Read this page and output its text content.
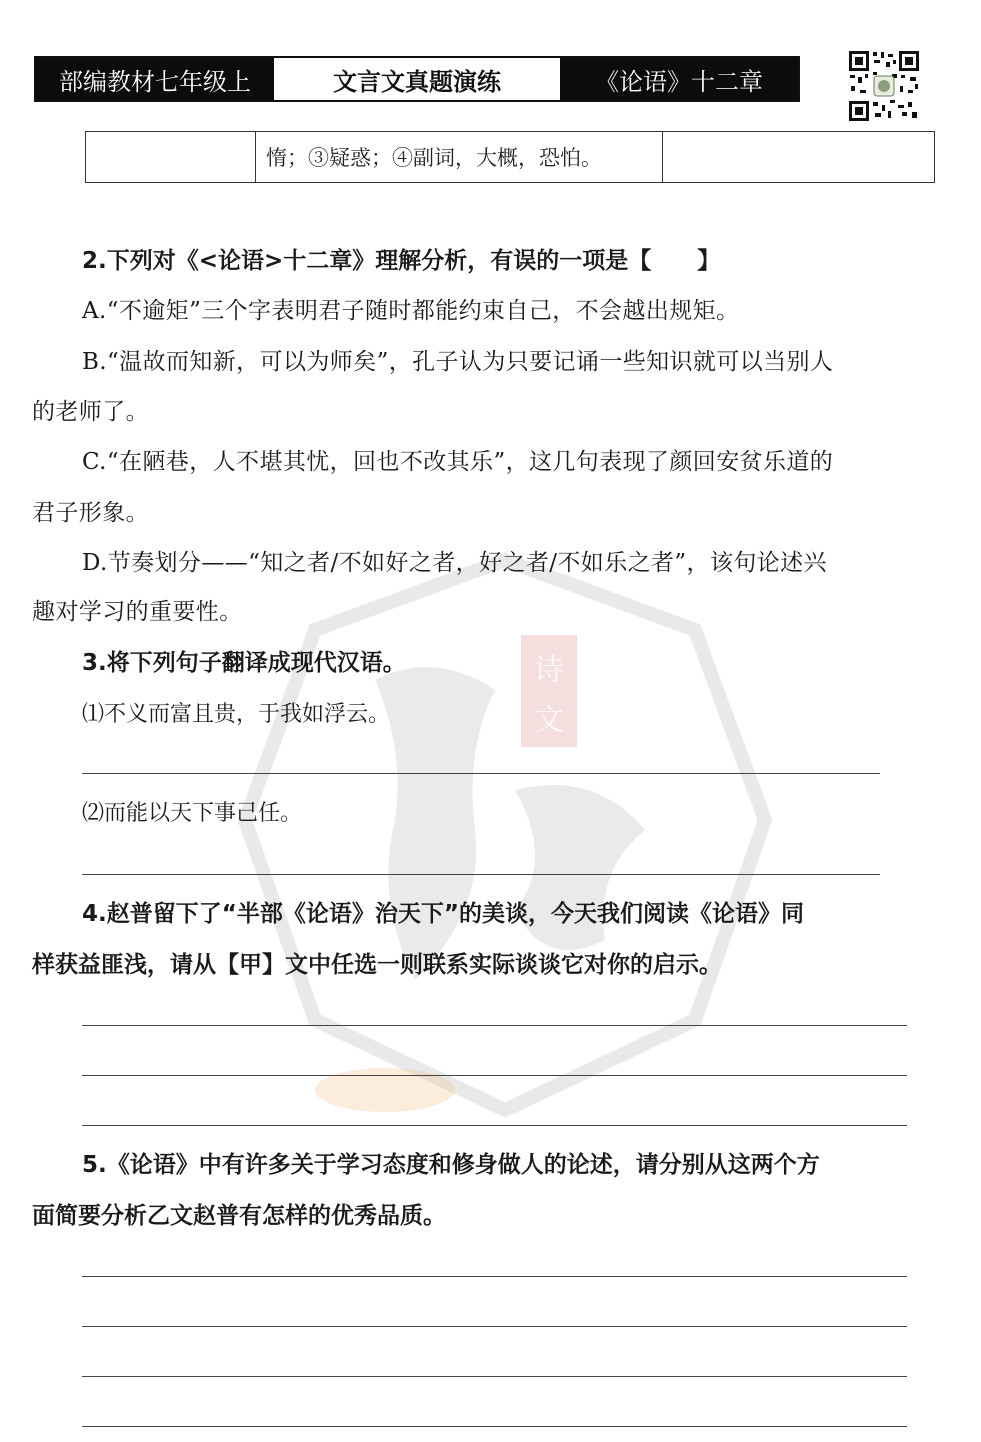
部编教材七年级上	文言文真题演练	《论语》十二章
惰；③疑惑；④副词，大概，恐怕。
诗
文
2.下列对《<论语>十二章》理解分析，有误的一项是【　　】
A.“不逾矩”三个字表明君子随时都能约束自己，不会越出规矩。
B.“温故而知新，可以为师矣”，孔子认为只要记诵一些知识就可以当别人
的老师了。
C.“在陋巷，人不堪其忧，回也不改其乐”，这几句表现了颜回安贫乐道的
君子形象。
D.节奏划分——“知之者/不如好之者，好之者/不如乐之者”，该句论述兴
趣对学习的重要性。
3.将下列句子翻译成现代汉语。
⑴不义而富且贵，于我如浮云。
⑵而能以天下事己任。
4.赵普留下了“半部《论语》治天下”的美谈，今天我们阅读《论语》同
样获益匪浅，请从【甲】文中任选一则联系实际谈谈它对你的启示。
5.《论语》中有许多关于学习态度和修身做人的论述，请分别从这两个方
面简要分析乙文赵普有怎样的优秀品质。
